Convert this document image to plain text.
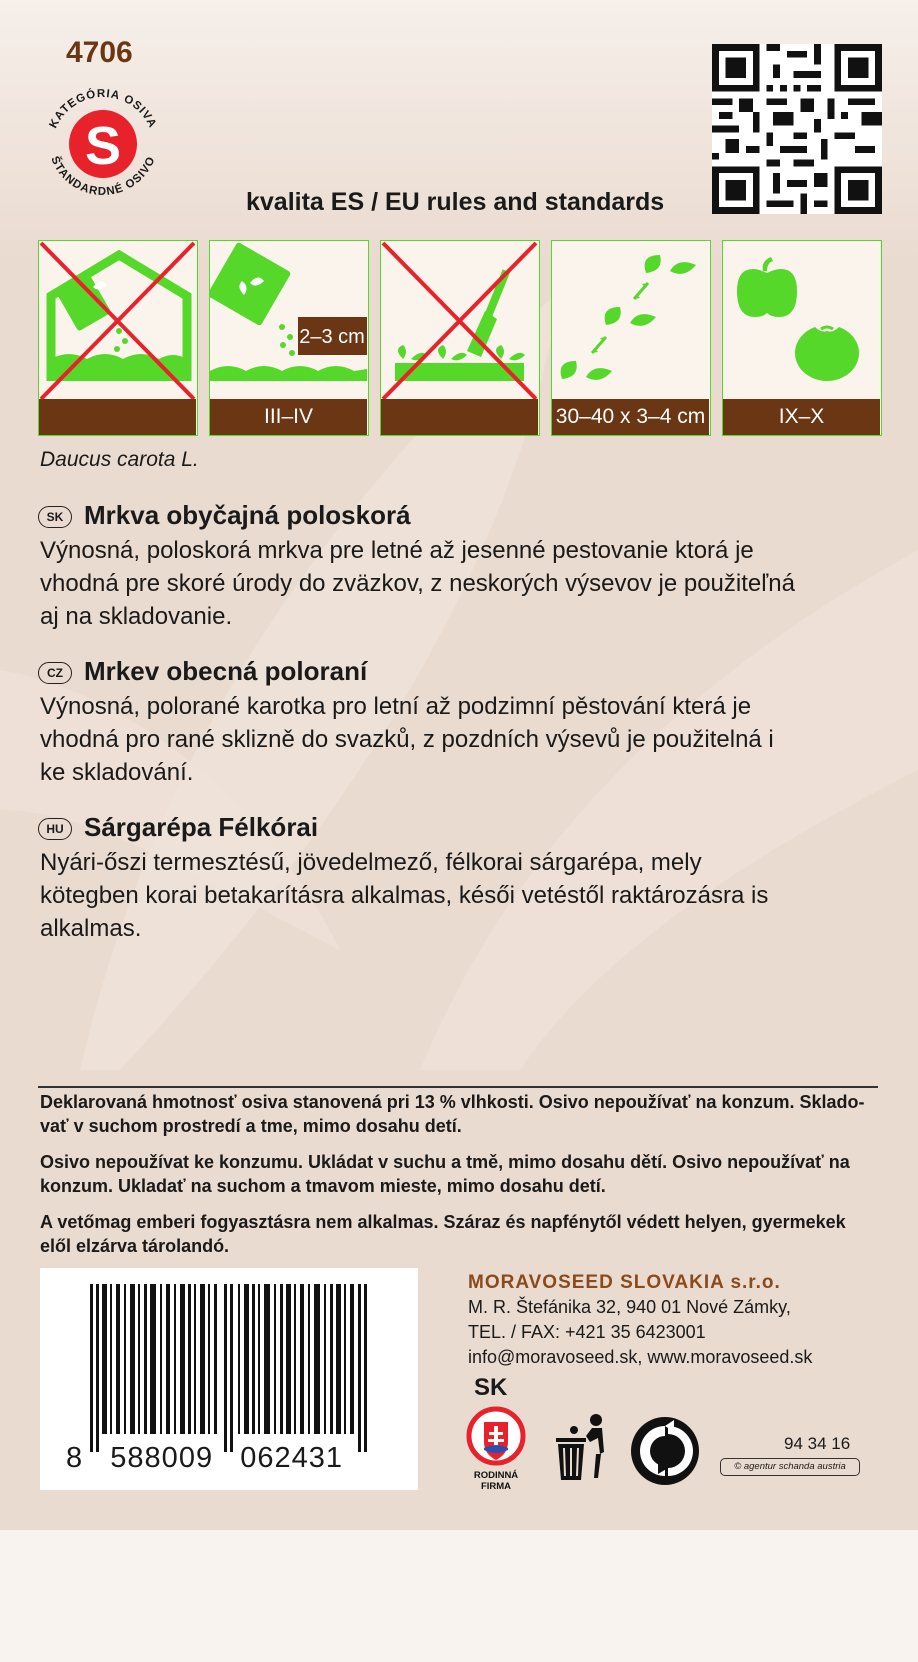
4706
S
KATEGÓRIA OSIVA
ŠTANDARDNÉ OSIVO
kvalita ES / EU rules and standards
2–3 cm
III–IV	30–40 x 3–4 cm	IX–X
Daucus carota L.
SK Mrkva obyčajná poloskorá
Výnosná, poloskorá mrkva pre letné až jesenné pestovanie ktorá je
vhodná pre skoré úrody do zväzkov, z neskorých výsevov je použiteľná
aj na skladovanie.
CZ Mrkev obecná poloraní
Výnosná, polorané karotka pro letní až podzimní pěstování která je
vhodná pro rané sklizně do svazků, z pozdních výsevů je použitelná i
ke skladování.
HU Sárgarépa Félkórai
Nyári-őszi termesztésű, jövedelmező, félkorai sárgarépa, mely
kötegben korai betakarításra alkalmas, késői vetéstől raktározásra is
alkalmas.
Deklarovaná hmotnosť osiva stanovená pri 13 % vlhkosti. Osivo nepoužívať na konzum. Sklado-
vať v suchom prostredí a tme, mimo dosahu detí.
Osivo nepoužívat ke konzumu. Ukládat v suchu a tmě, mimo dosahu dětí. Osivo nepoužívať na
konzum. Ukladať na suchom a tmavom mieste, mimo dosahu detí.
A vetőmag emberi fogyasztásra nem alkalmas. Száraz és napfénytől védett helyen, gyermekek
elől elzárva tárolandó.
8   588009   062431
MORAVOSEED SLOVAKIA s.r.o.
M. R. Štefánika 32, 940 01 Nové Zámky,
TEL. / FAX: +421 35 6423001
info@moravoseed.sk, www.moravoseed.sk
SK
RODINNÁ
FIRMA
94 34 16
© agentur schanda austria
